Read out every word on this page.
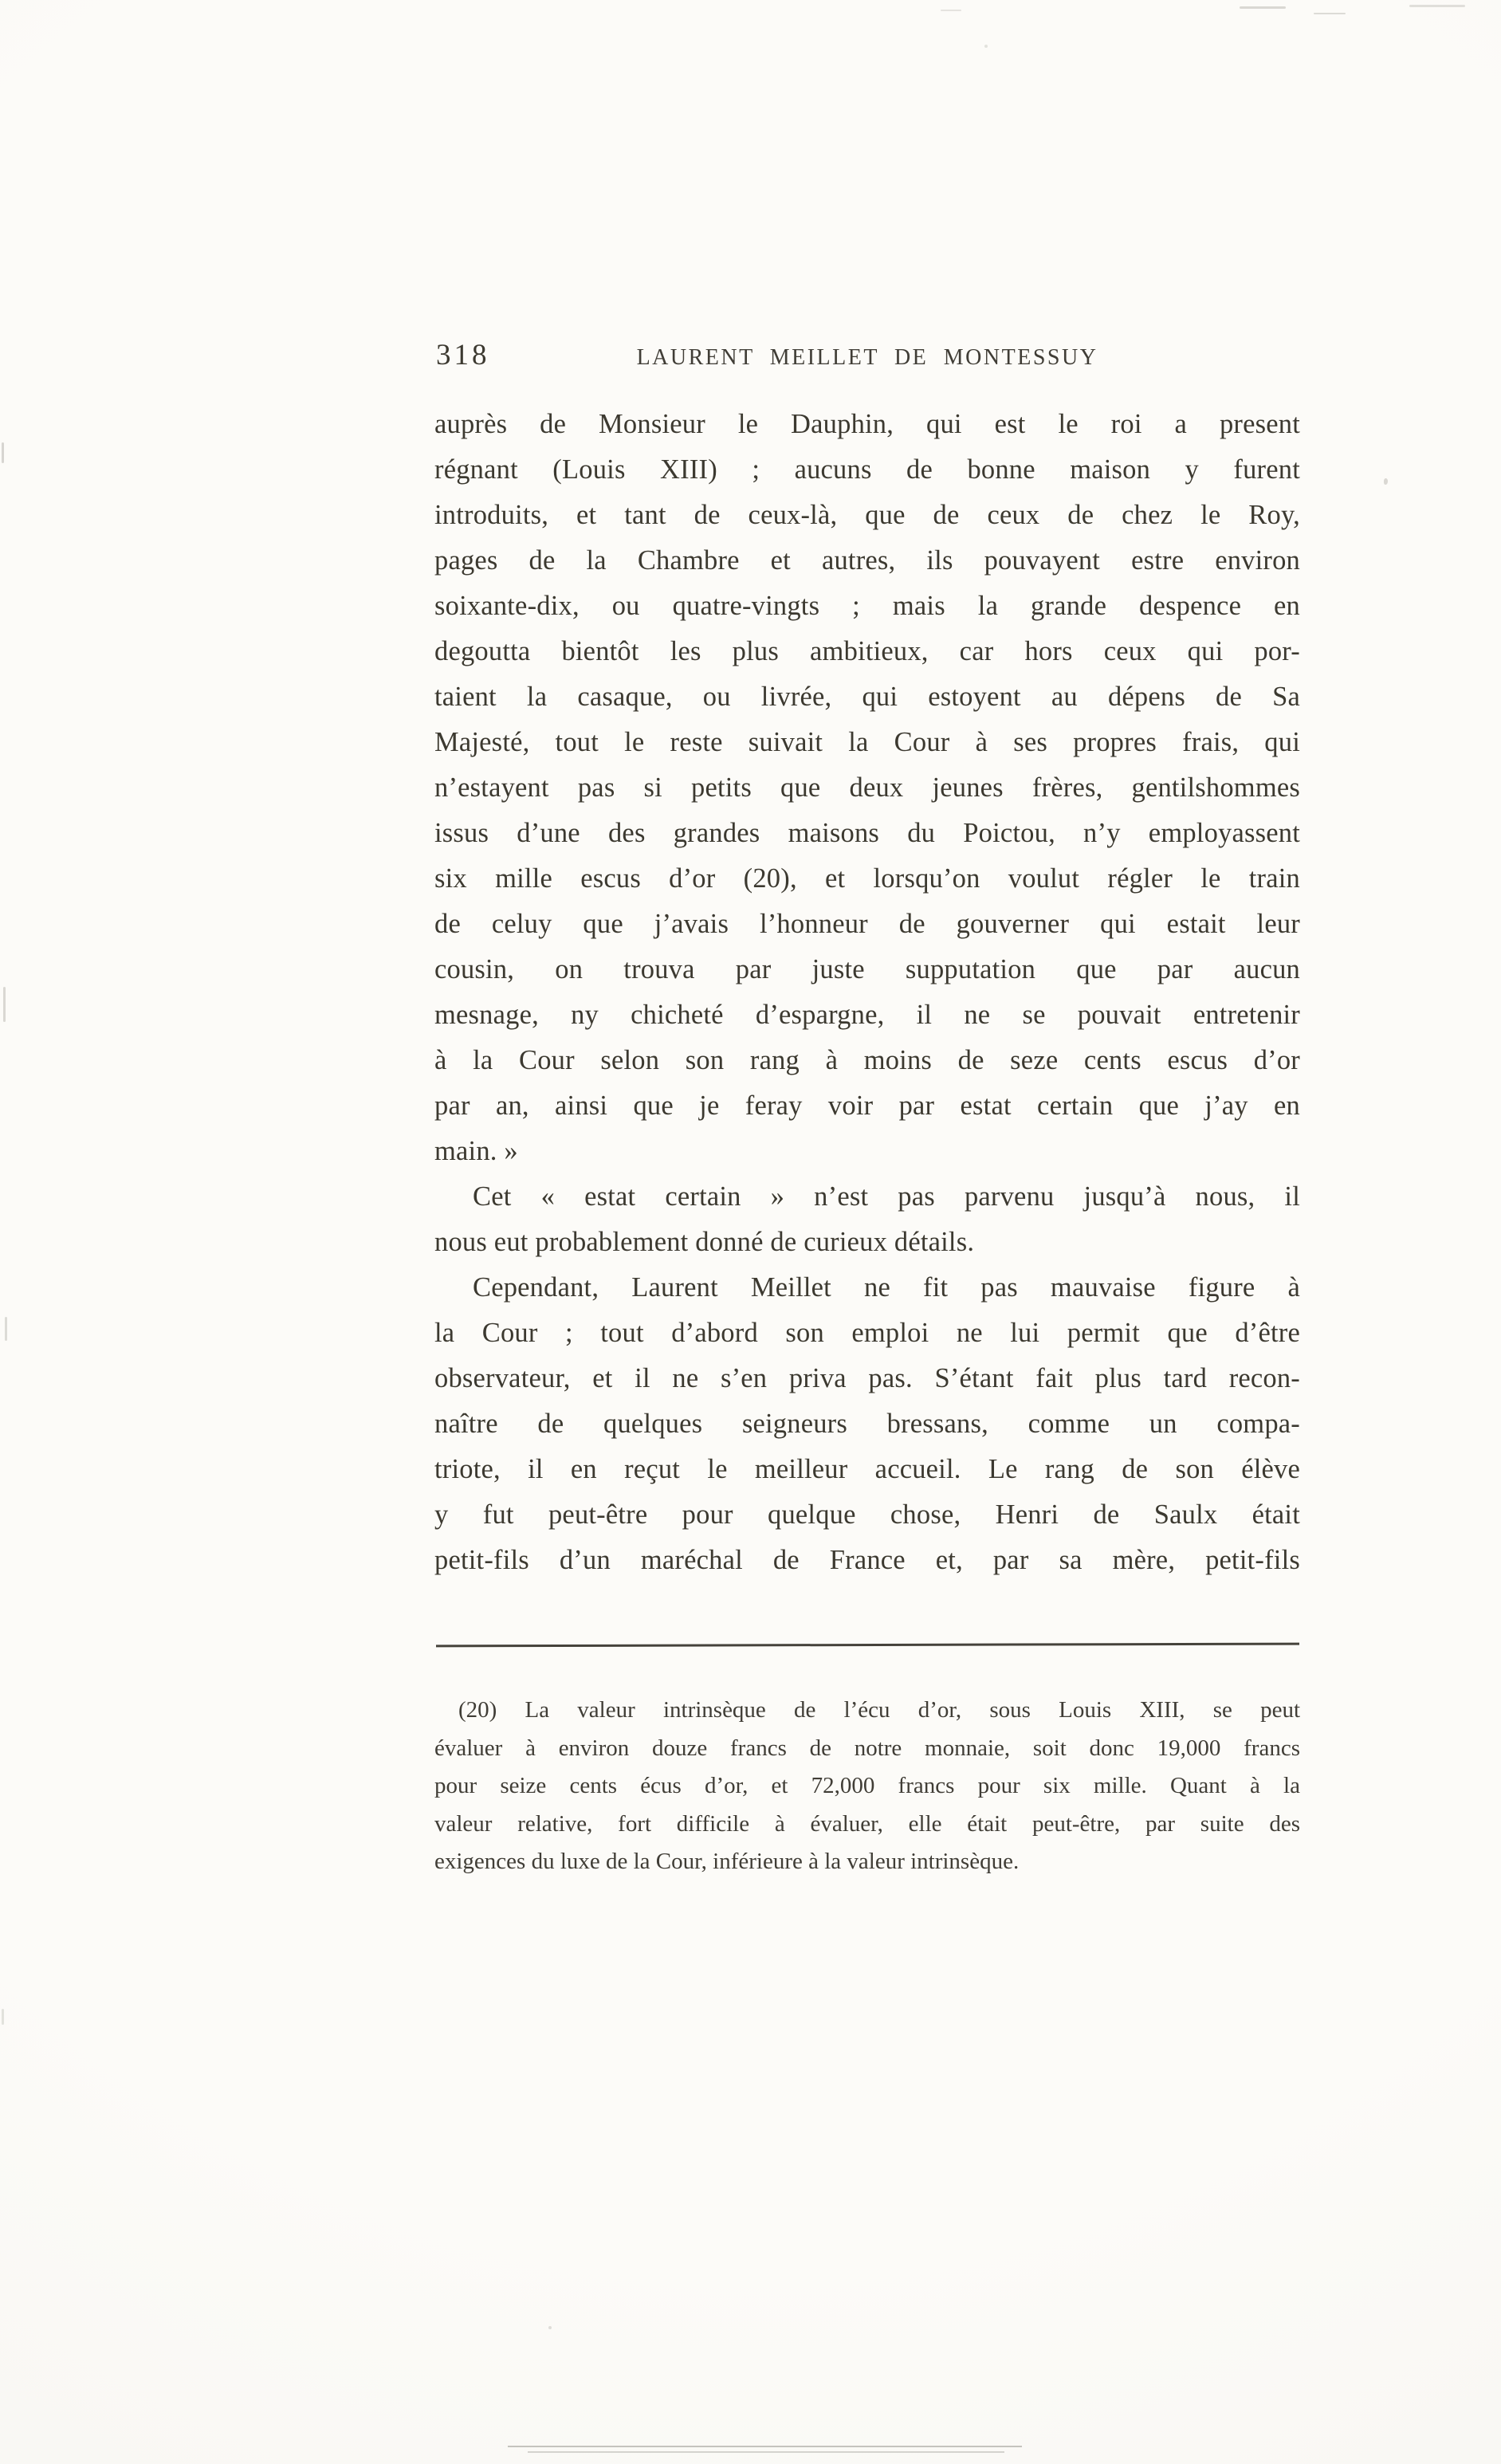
318	LAURENT MEILLET DE MONTESSUY

auprès de Monsieur le Dauphin, qui est le roi a present
régnant (Louis XIII) ; aucuns de bonne maison y furent
introduits, et tant de ceux-là, que de ceux de chez le Roy,
pages de la Chambre et autres, ils pouvayent estre environ
soixante-dix, ou quatre-vingts ; mais la grande despence en
degoutta bientôt les plus ambitieux, car hors ceux qui por-
taient la casaque, ou livrée, qui estoyent au dépens de Sa
Majesté, tout le reste suivait la Cour à ses propres frais, qui
n’estayent pas si petits que deux jeunes frères, gentilshommes
issus d’une des grandes maisons du Poictou, n’y employassent
six mille escus d’or (20), et lorsqu’on voulut régler le train
de celuy que j’avais l’honneur de gouverner qui estait leur
cousin, on trouva par juste supputation que par aucun
mesnage, ny chicheté d’espargne, il ne se pouvait entretenir
à la Cour selon son rang à moins de seze cents escus d’or
par an, ainsi que je feray voir par estat certain que j’ay en
main. »

Cet « estat certain » n’est pas parvenu jusqu’à nous, il
nous eut probablement donné de curieux détails.

Cependant, Laurent Meillet ne fit pas mauvaise figure à
la Cour ; tout d’abord son emploi ne lui permit que d’être
observateur, et il ne s’en priva pas. S’étant fait plus tard recon-
naître de quelques seigneurs bressans, comme un compa-
triote, il en reçut le meilleur accueil. Le rang de son élève
y fut peut-être pour quelque chose, Henri de Saulx était
petit-fils d’un maréchal de France et, par sa mère, petit-fils

(20) La valeur intrinsèque de l’écu d’or, sous Louis XIII, se peut
évaluer à environ douze francs de notre monnaie, soit donc 19,000 francs
pour seize cents écus d’or, et 72,000 francs pour six mille. Quant à la
valeur relative, fort difficile à évaluer, elle était peut-être, par suite des
exigences du luxe de la Cour, inférieure à la valeur intrinsèque.
